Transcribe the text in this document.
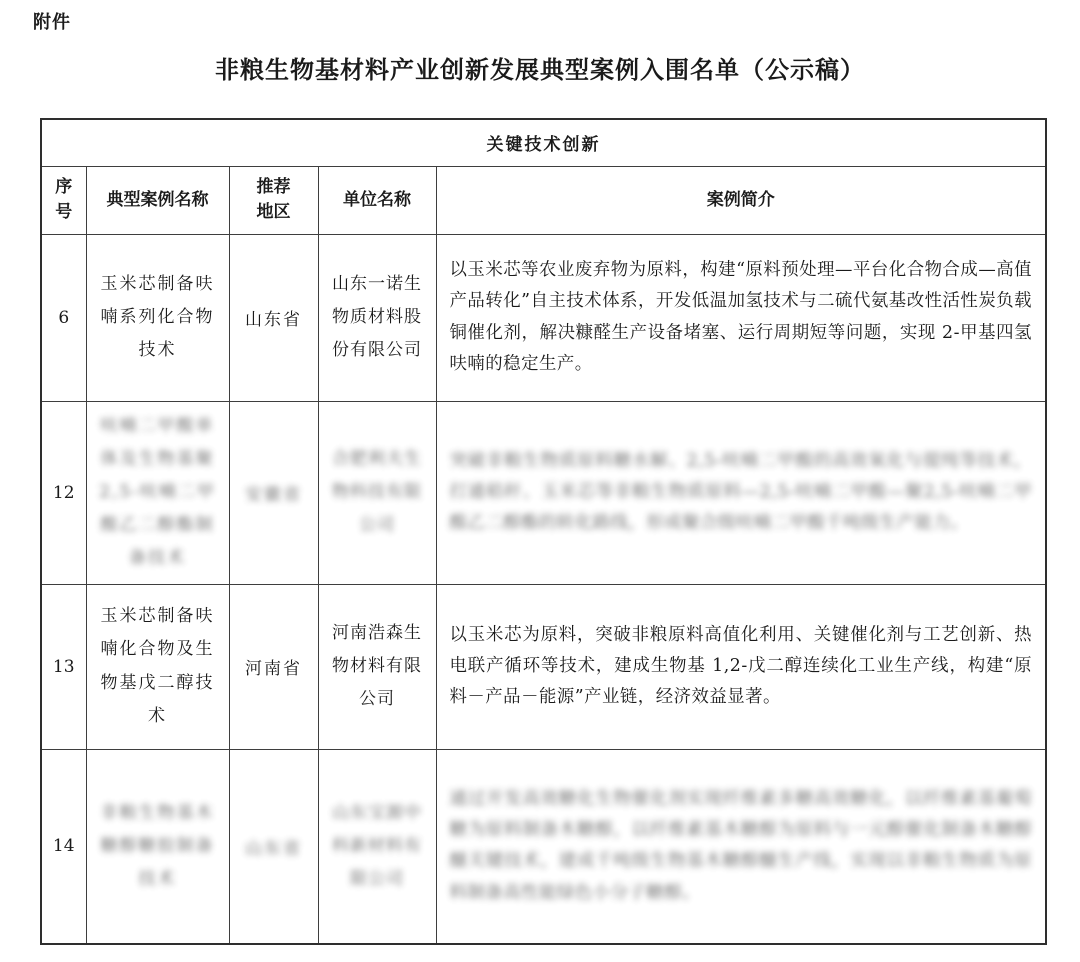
附件
非粮生物基材料产业创新发展典型案例入围名单（公示稿）
关键技术创新				

序号	典型案例名称	推荐地区	单位名称	案例简介

6	玉米芯制备呋喃系列化合物技术	山东省	山东一诺生物质材料股份有限公司	以玉米芯等农业废弃物为原料，构建“原料预处理—平台化合物合成—高值产品转化”自主技术体系，开发低温加氢技术与二硫代氨基改性活性炭负载铜催化剂，解决糠醛生产设备堵塞、运行周期短等问题，实现 2-甲基四氢呋喃的稳定生产。

12	呋喃二甲酸单体及生物基聚2,5-呋喃二甲酸乙二醇酯制备技术	安徽省	合肥利夫生物科技有限公司	突破非粮生物质原料糖水解、2,5-呋喃二甲酸的高效氧化与提纯等技术，打通秸秆、玉米芯等非粮生物质原料—2,5-呋喃二甲酸—聚2,5-呋喃二甲酸乙二醇酯的转化路线，形成聚合级呋喃二甲酸千吨级生产能力。

13	玉米芯制备呋喃化合物及生物基戊二醇技术	河南省	河南浩森生物材料有限公司	以玉米芯为原料，突破非粮原料高值化利用、关键催化剂与工艺创新、热电联产循环等技术，建成生物基 1,2-戊二醇连续化工业生产线，构建“原料－产品－能源”产业链，经济效益显著。

14	非粮生物基木糖醇糖胶制备技术	山东省	山东宝源中科新材料有限公司	通过开发高效糖化生物催化剂实现纤维素多糖高效糖化，以纤维素基葡萄糖为原料制备木糖醇，以纤维素基木糖醇为原料与一元醇催化制备木糖醇醚关键技术，建成千吨级生物基木糖醇醚生产线，实现以非粮生物质为原料制备高性能绿色小分子糖醇。
